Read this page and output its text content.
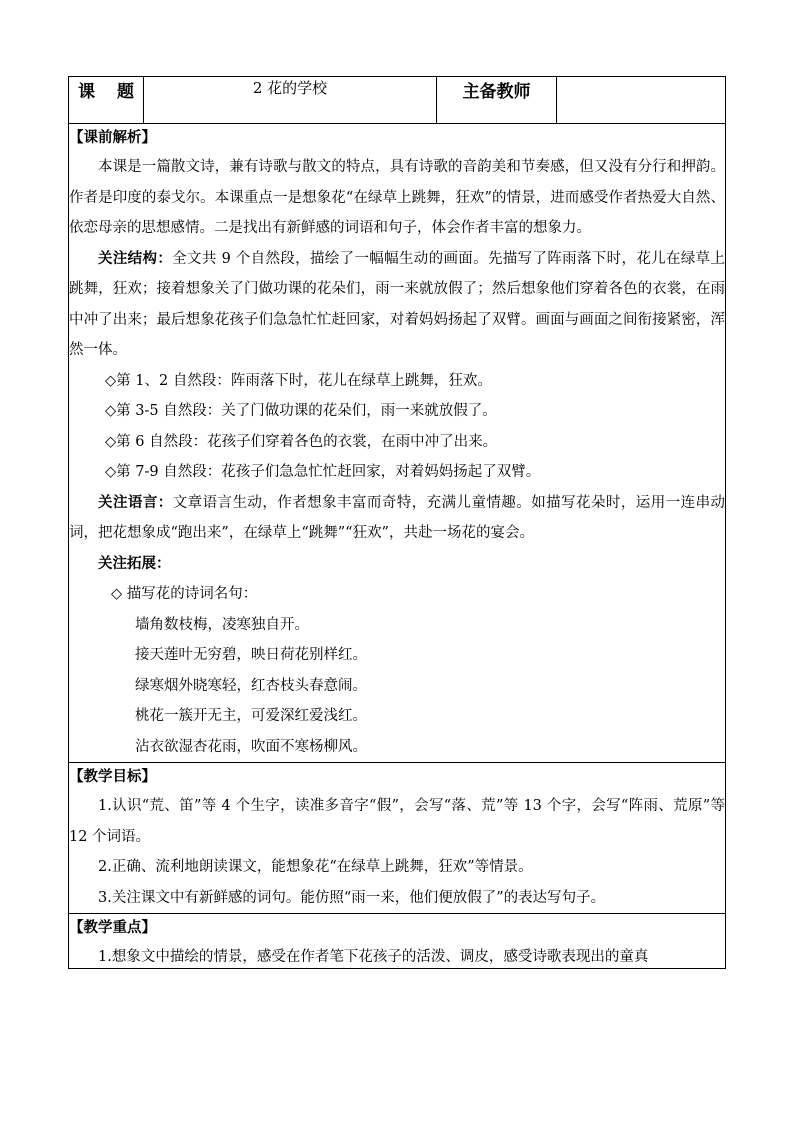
课 题	2 花的学校	主备教师	

【课前解析】

本课是一篇散文诗，兼有诗歌与散文的特点，具有诗歌的音韵美和节奏感，但又没有分行和押韵。作者是印度的泰戈尔。本课重点一是想象花“在绿草上跳舞，狂欢”的情景，进而感受作者热爱大自然、依恋母亲的思想感情。二是找出有新鲜感的词语和句子，体会作者丰富的想象力。

关注结构：全文共 9 个自然段，描绘了一幅幅生动的画面。先描写了阵雨落下时，花儿在绿草上跳舞，狂欢；接着想象关了门做功课的花朵们，雨一来就放假了；然后想象他们穿着各色的衣裳，在雨中冲了出来；最后想象花孩子们急急忙忙赶回家，对着妈妈扬起了双臂。画面与画面之间衔接紧密，浑然一体。

◇第 1、2 自然段：阵雨落下时，花儿在绿草上跳舞，狂欢。

◇第 3-5 自然段：关了门做功课的花朵们，雨一来就放假了。

◇第 6 自然段：花孩子们穿着各色的衣裳，在雨中冲了出来。

◇第 7-9 自然段：花孩子们急急忙忙赶回家，对着妈妈扬起了双臂。

关注语言：文章语言生动，作者想象丰富而奇特，充满儿童情趣。如描写花朵时，运用一连串动词，把花想象成“跑出来”，在绿草上“跳舞”“狂欢”，共赴一场花的宴会。

关注拓展：

◇ 描写花的诗词名句：

墙角数枝梅，凌寒独自开。

接天莲叶无穷碧，映日荷花别样红。

绿寒烟外晓寒轻，红杏枝头春意闹。

桃花一簇开无主，可爱深红爱浅红。

沾衣欲湿杏花雨，吹面不寒杨柳风。

【教学目标】

1.认识“荒、笛”等 4 个生字，读准多音字“假”，会写“落、荒”等 13 个字，会写“阵雨、荒原”等 12 个词语。

2.正确、流利地朗读课文，能想象花“在绿草上跳舞，狂欢”等情景。

3.关注课文中有新鲜感的词句。能仿照“雨一来，他们便放假了”的表达写句子。

【教学重点】

1.想象文中描绘的情景，感受在作者笔下花孩子的活泼、调皮，感受诗歌表现出的童真
